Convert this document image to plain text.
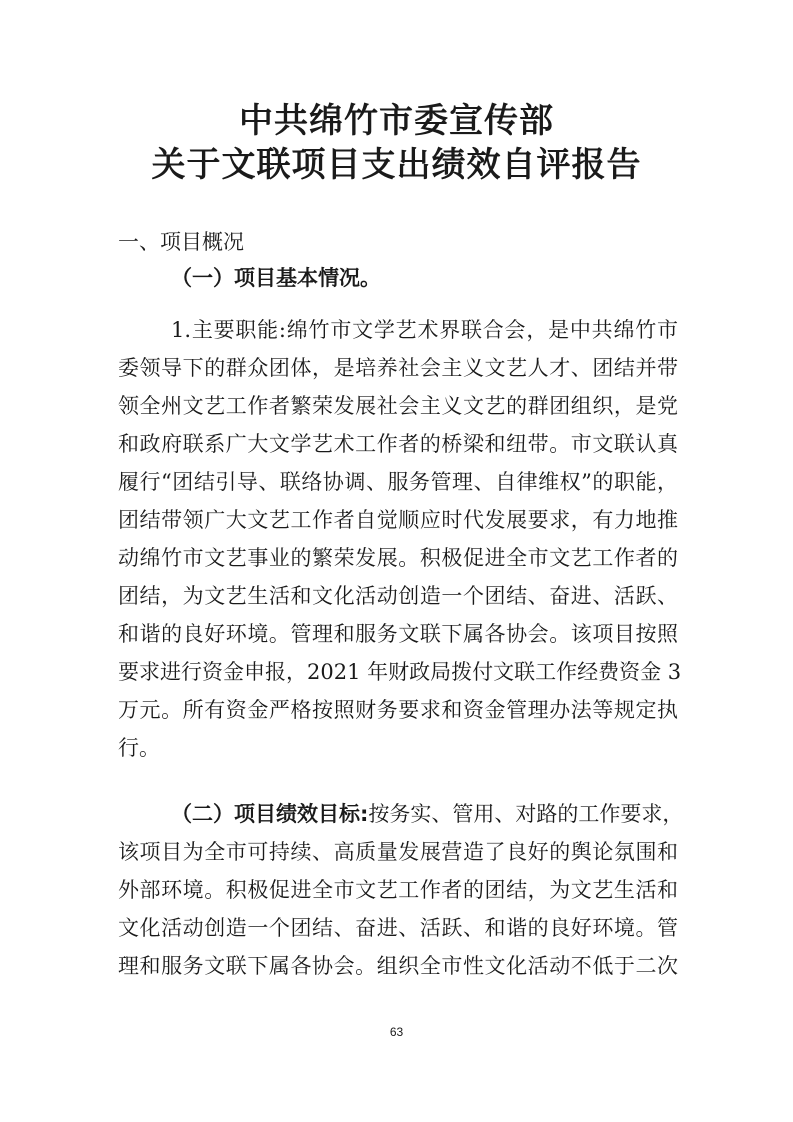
中共绵竹市委宣传部
关于文联项目支出绩效自评报告
一、项目概况
（一）项目基本情况。
1.主要职能:绵竹市文学艺术界联合会，是中共绵竹市
委领导下的群众团体，是培养社会主义文艺人才、团结并带
领全州文艺工作者繁荣发展社会主义文艺的群团组织，是党
和政府联系广大文学艺术工作者的桥梁和纽带。市文联认真
履行“团结引导、联络协调、服务管理、自律维权”的职能，
团结带领广大文艺工作者自觉顺应时代发展要求，有力地推
动绵竹市文艺事业的繁荣发展。积极促进全市文艺工作者的
团结，为文艺生活和文化活动创造一个团结、奋进、活跃、
和谐的良好环境。管理和服务文联下属各协会。该项目按照
要求进行资金申报，2021 年财政局拨付文联工作经费资金 3
万元。所有资金严格按照财务要求和资金管理办法等规定执
行。
（二）项目绩效目标:按务实、管用、对路的工作要求，
该项目为全市可持续、高质量发展营造了良好的舆论氛围和
外部环境。积极促进全市文艺工作者的团结，为文艺生活和
文化活动创造一个团结、奋进、活跃、和谐的良好环境。管
理和服务文联下属各协会。组织全市性文化活动不低于二次
63
